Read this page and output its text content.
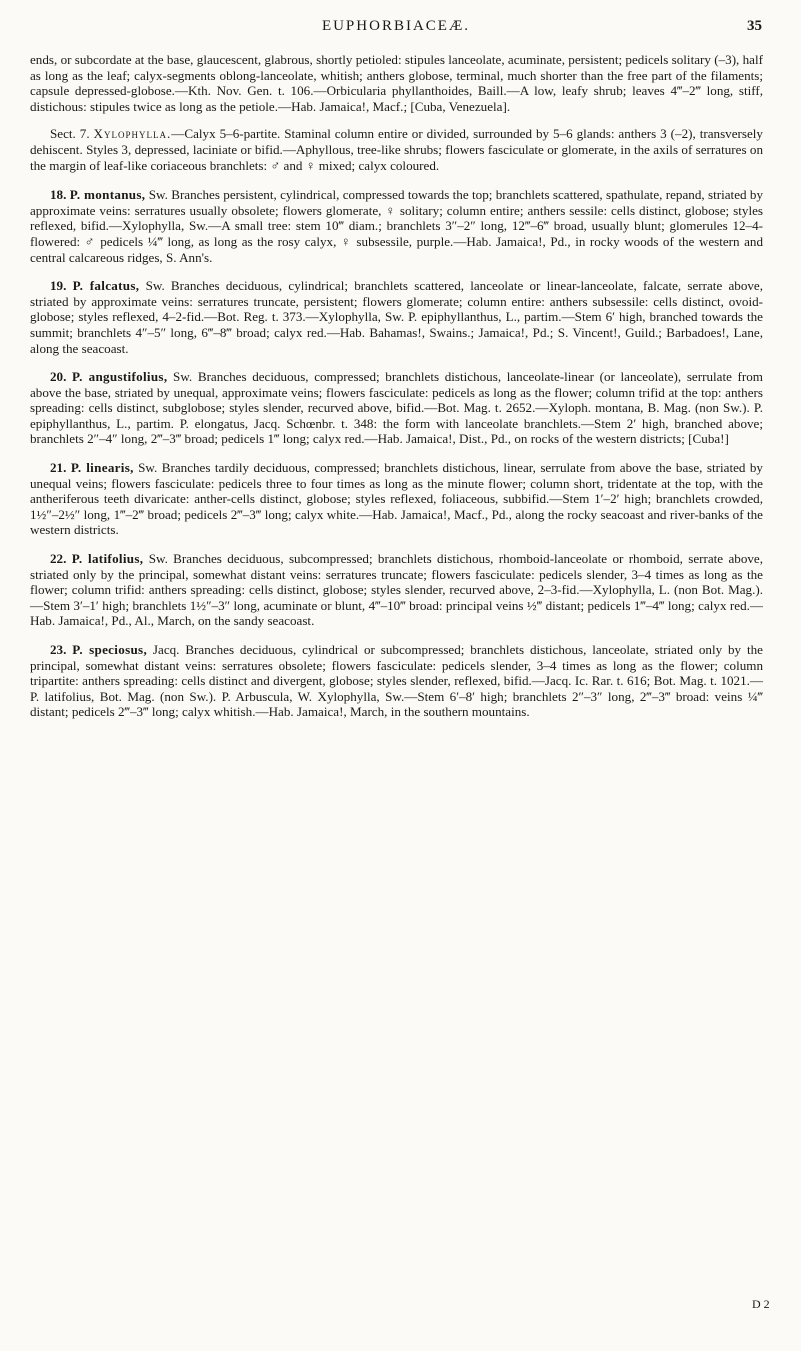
EUPHORBIACEÆ.	35

ends, or subcordate at the base, glaucescent, glabrous, shortly petioled: stipules lanceolate, acuminate, persistent; pedicels solitary (–3), half as long as the leaf; calyx-segments oblong-lanceolate, whitish; anthers globose, terminal, much shorter than the free part of the filaments; capsule depressed-globose.—Kth. Nov. Gen. t. 106.—Orbicularia phyllanthoides, Baill.—A low, leafy shrub; leaves 4‴–2‴ long, stiff, distichous: stipules twice as long as the petiole.—Hab. Jamaica!, Macf.; [Cuba, Venezuela].

Sect. 7. Xylophylla.—Calyx 5–6-partite. Staminal column entire or divided, surrounded by 5–6 glands: anthers 3 (–2), transversely dehiscent. Styles 3, depressed, laciniate or bifid.—Aphyllous, tree-like shrubs; flowers fasciculate or glomerate, in the axils of serratures on the margin of leaf-like coriaceous branchlets: ♂ and ♀ mixed; calyx coloured.

18. P. montanus, Sw. Branches persistent, cylindrical, compressed towards the top; branchlets scattered, spathulate, repand, striated by approximate veins: serratures usually obsolete; flowers glomerate, ♀ solitary; column entire; anthers sessile: cells distinct, globose; styles reflexed, bifid.—Xylophylla, Sw.—A small tree: stem 10‴ diam.; branchlets 3″–2″ long, 12‴–6‴ broad, usually blunt; glomerules 12–4-flowered: ♂ pedicels ¼‴ long, as long as the rosy calyx, ♀ subsessile, purple.—Hab. Jamaica!, Pd., in rocky woods of the western and central calcareous ridges, S. Ann's.

19. P. falcatus, Sw. Branches deciduous, cylindrical; branchlets scattered, lanceolate or linear-lanceolate, falcate, serrate above, striated by approximate veins: serratures truncate, persistent; flowers glomerate; column entire: anthers subsessile: cells distinct, ovoid-globose; styles reflexed, 4–2-fid.—Bot. Reg. t. 373.—Xylophylla, Sw. P. epiphyllanthus, L., partim.—Stem 6′ high, branched towards the summit; branchlets 4″–5″ long, 6‴–8‴ broad; calyx red.—Hab. Bahamas!, Swains.; Jamaica!, Pd.; S. Vincent!, Guild.; Barbadoes!, Lane, along the seacoast.

20. P. angustifolius, Sw. Branches deciduous, compressed; branchlets distichous, lanceolate-linear (or lanceolate), serrulate from above the base, striated by unequal, approximate veins; flowers fasciculate: pedicels as long as the flower; column trifid at the top: anthers spreading: cells distinct, subglobose; styles slender, recurved above, bifid.—Bot. Mag. t. 2652.—Xyloph. montana, B. Mag. (non Sw.). P. epiphyllanthus, L., partim. P. elongatus, Jacq. Schœnbr. t. 348: the form with lanceolate branchlets.—Stem 2′ high, branched above; branchlets 2″–4″ long, 2‴–3‴ broad; pedicels 1‴ long; calyx red.—Hab. Jamaica!, Dist., Pd., on rocks of the western districts; [Cuba!]

21. P. linearis, Sw. Branches tardily deciduous, compressed; branchlets distichous, linear, serrulate from above the base, striated by unequal veins; flowers fasciculate: pedicels three to four times as long as the minute flower; column short, tridentate at the top, with the antheriferous teeth divaricate: anther-cells distinct, globose; styles reflexed, foliaceous, subbifid.—Stem 1′–2′ high; branchlets crowded, 1½″–2½″ long, 1‴–2‴ broad; pedicels 2‴–3‴ long; calyx white.—Hab. Jamaica!, Macf., Pd., along the rocky seacoast and river-banks of the western districts.

22. P. latifolius, Sw. Branches deciduous, subcompressed; branchlets distichous, rhomboid-lanceolate or rhomboid, serrate above, striated only by the principal, somewhat distant veins: serratures truncate; flowers fasciculate: pedicels slender, 3–4 times as long as the flower; column trifid: anthers spreading: cells distinct, globose; styles slender, recurved above, 2–3-fid.—Xylophylla, L. (non Bot. Mag.).—Stem 3′–1′ high; branchlets 1½″–3″ long, acuminate or blunt, 4‴–10‴ broad: principal veins ½‴ distant; pedicels 1‴–4‴ long; calyx red.—Hab. Jamaica!, Pd., Al., March, on the sandy seacoast.

23. P. speciosus, Jacq. Branches deciduous, cylindrical or subcompressed; branchlets distichous, lanceolate, striated only by the principal, somewhat distant veins: serratures obsolete; flowers fasciculate: pedicels slender, 3–4 times as long as the flower; column tripartite: anthers spreading: cells distinct and divergent, globose; styles slender, reflexed, bifid.—Jacq. Ic. Rar. t. 616; Bot. Mag. t. 1021.—P. latifolius, Bot. Mag. (non Sw.). P. Arbuscula, W. Xylophylla, Sw.—Stem 6′–8′ high; branchlets 2″–3″ long, 2‴–3‴ broad: veins ¼‴ distant; pedicels 2‴–3‴ long; calyx whitish.—Hab. Jamaica!, March, in the southern mountains.

D 2
